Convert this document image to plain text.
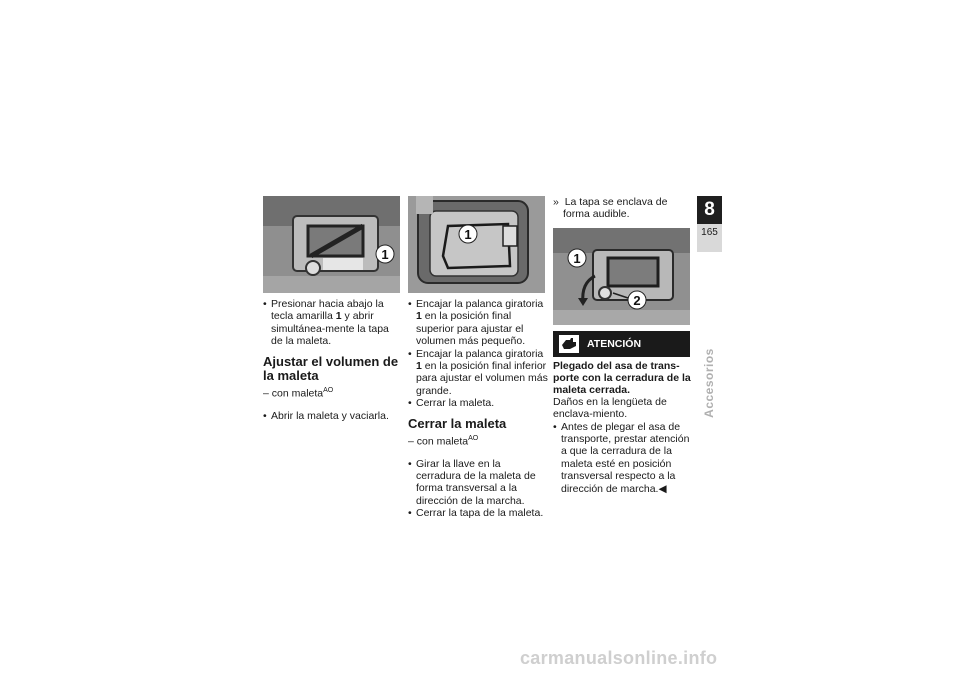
1

• Presionar hacia abajo la tecla amarilla 1 y abrir simultánea-mente la tapa de la maleta.

Ajustar el volumen de la maleta

– con maleta$^{AO}$

• Abrir la maleta y vaciarla.

1

• Encajar la palanca giratoria 1 en la posición final superior para ajustar el volumen más pequeño.

• Encajar la palanca giratoria 1 en la posición final inferior para ajustar el volumen más grande.

• Cerrar la maleta.

Cerrar la maleta

– con maleta$^{AO}$

• Girar la llave en la cerradura de la maleta de forma transversal a la dirección de la marcha.

• Cerrar la tapa de la maleta.

» La tapa se enclava de forma audible.

1
2
ATENCIÓN

Plegado del asa de trans-porte con la cerradura de la maleta cerrada.

Daños en la lengüeta de enclava-miento.

• Antes de plegar el asa de transporte, prestar atención a que la cerradura de la maleta esté en posición transversal respecto a la dirección de marcha.◀

8
165
Accesorios
carmanualsonline.info
